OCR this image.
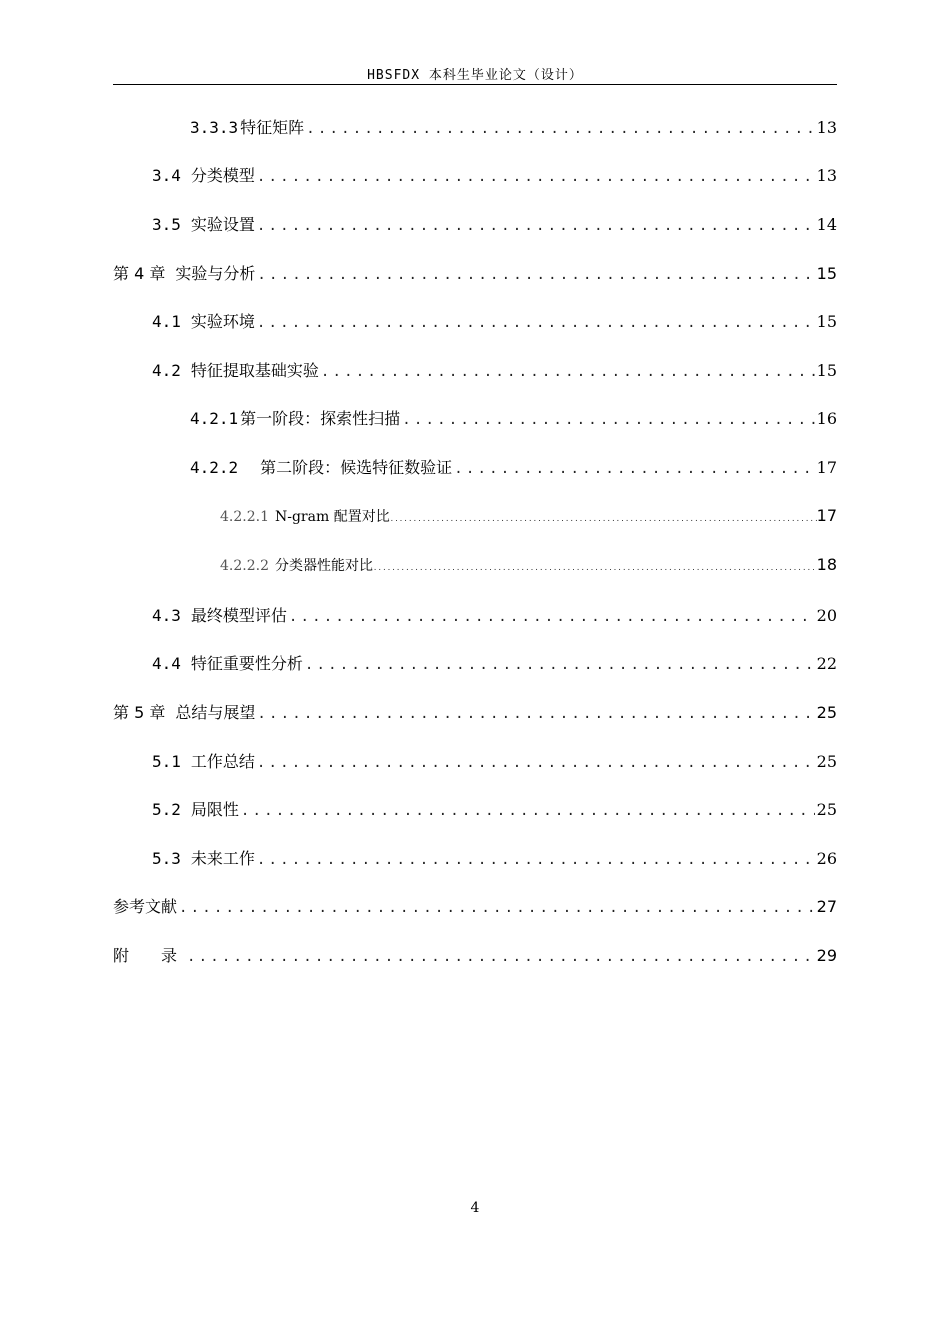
HBSFDX 本科生毕业论文（设计）
3.3.3 特征矩阵 .....	13
3.4 分类模型 .....	13
3.5 实验设置 .....	14
第 4 章 实验与分析 .....	15
4.1 实验环境 .....	15
4.2 特征提取基础实验 .....	15
4.2.1 第一阶段：探索性扫描 .....	16
4.2.2 第二阶段：候选特征数验证 .....	17
4.2.2.1 N-gram 配置对比 .....	17
4.2.2.2 分类器性能对比 .....	18
4.3 最终模型评估 .....	20
4.4 特征重要性分析 .....	22
第 5 章 总结与展望 .....	25
5.1 工作总结 .....	25
5.2 局限性 .....	25
5.3 未来工作 .....	26
参考文献 .....	27
附　录 .....	29
4
